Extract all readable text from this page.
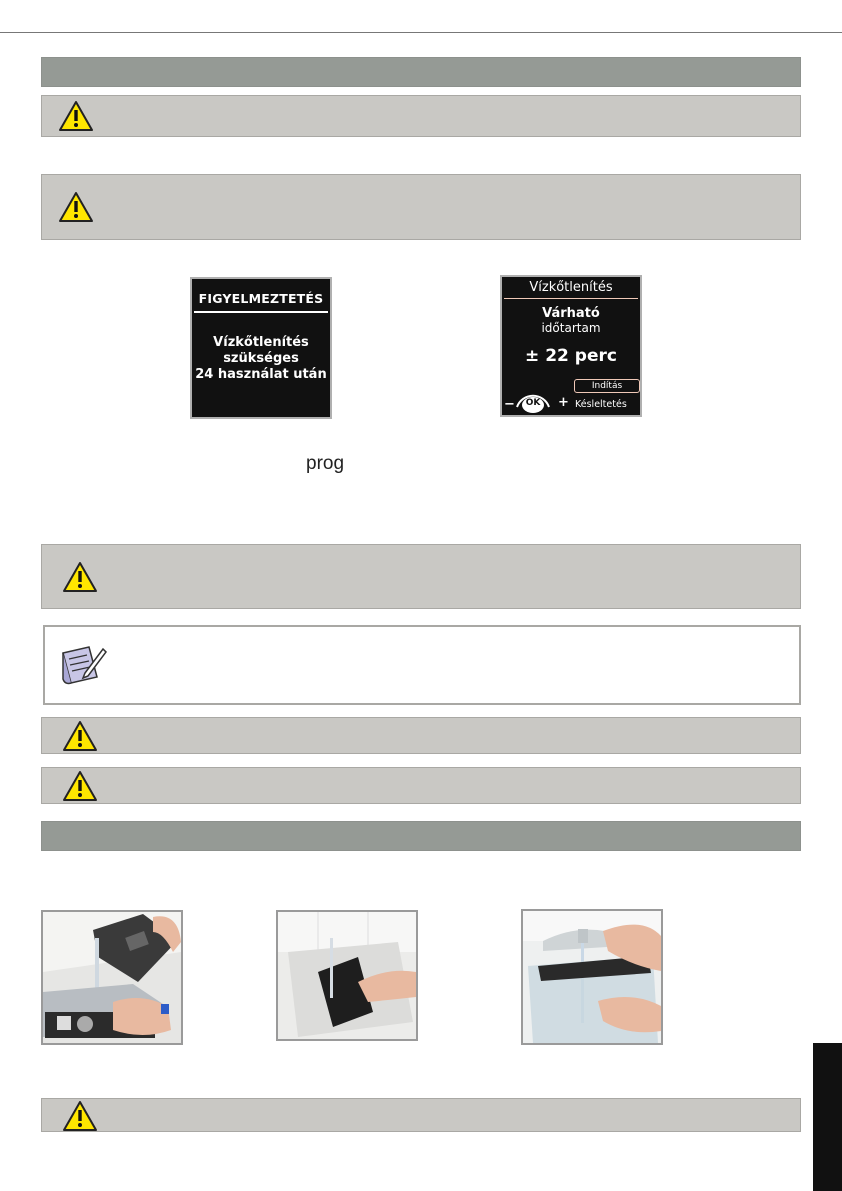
FIGYELMEZTETÉS
Vízkőtlenítés
szükséges
24 használat után
Vízkőtlenítés
Várható
időtartam
± 22 perc
Indítás
Késleltetés
OK
−	+
prog
